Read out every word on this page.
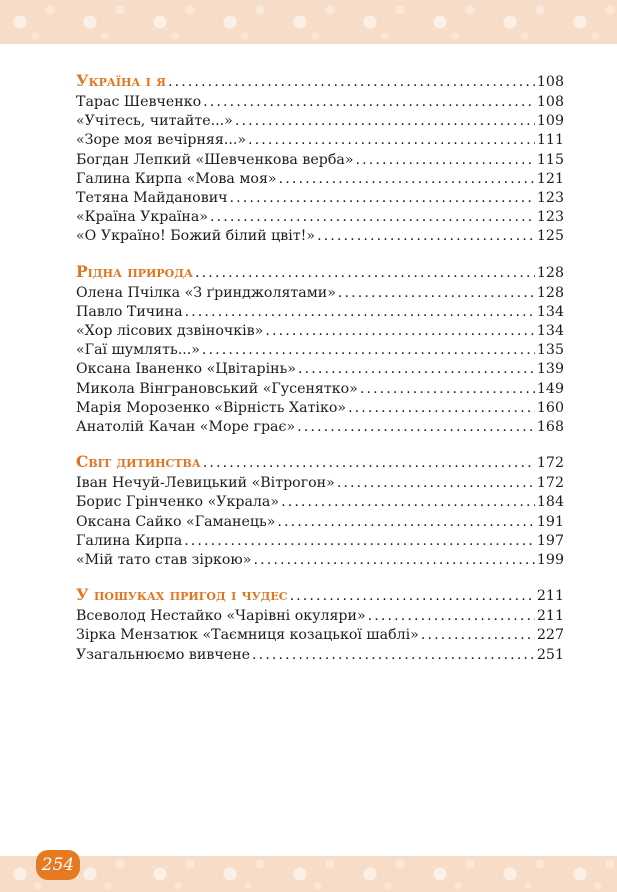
Україна і я . . .	108
Тарас Шевченко . . .	108
«Учітесь, читайте...» . . .	109
«Зоре моя вечірняя...» . . .	111
Богдан Лепкий «Шевченкова верба» . . .	115
Галина Кирпа «Мова моя» . . .	121
Тетяна Майданович . . .	123
«Країна Україна» . . .	123
«О Україно! Божий білий цвіт!» . . .	125
Рідна природа . . .	128
Олена Пчілка «З ґринджолятами» . . .	128
Павло Тичина . . .	134
«Хор лісових дзвіночків» . . .	134
«Гаї шумлять...» . . .	135
Оксана Іваненко «Цвітарінь» . . .	139
Микола Вінграновський «Гусенятко» . . .	149
Марія Морозенко «Вірність Хатіко» . . .	160
Анатолій Качан «Море грає» . . .	168
Світ дитинства . . .	172
Іван Нечуй-Левицький «Вітрогон» . . .	172
Борис Грінченко «Украла» . . .	184
Оксана Сайко «Гаманець» . . .	191
Галина Кирпа . . .	197
«Мій тато став зіркою» . . .	199
У пошуках пригод і чудес . . .	211
Всеволод Нестайко «Чарівні окуляри» . . .	211
Зірка Мензатюк «Таємниця козацької шаблі» . . .	227
Узагальнюємо вивчене . . .	251
254
